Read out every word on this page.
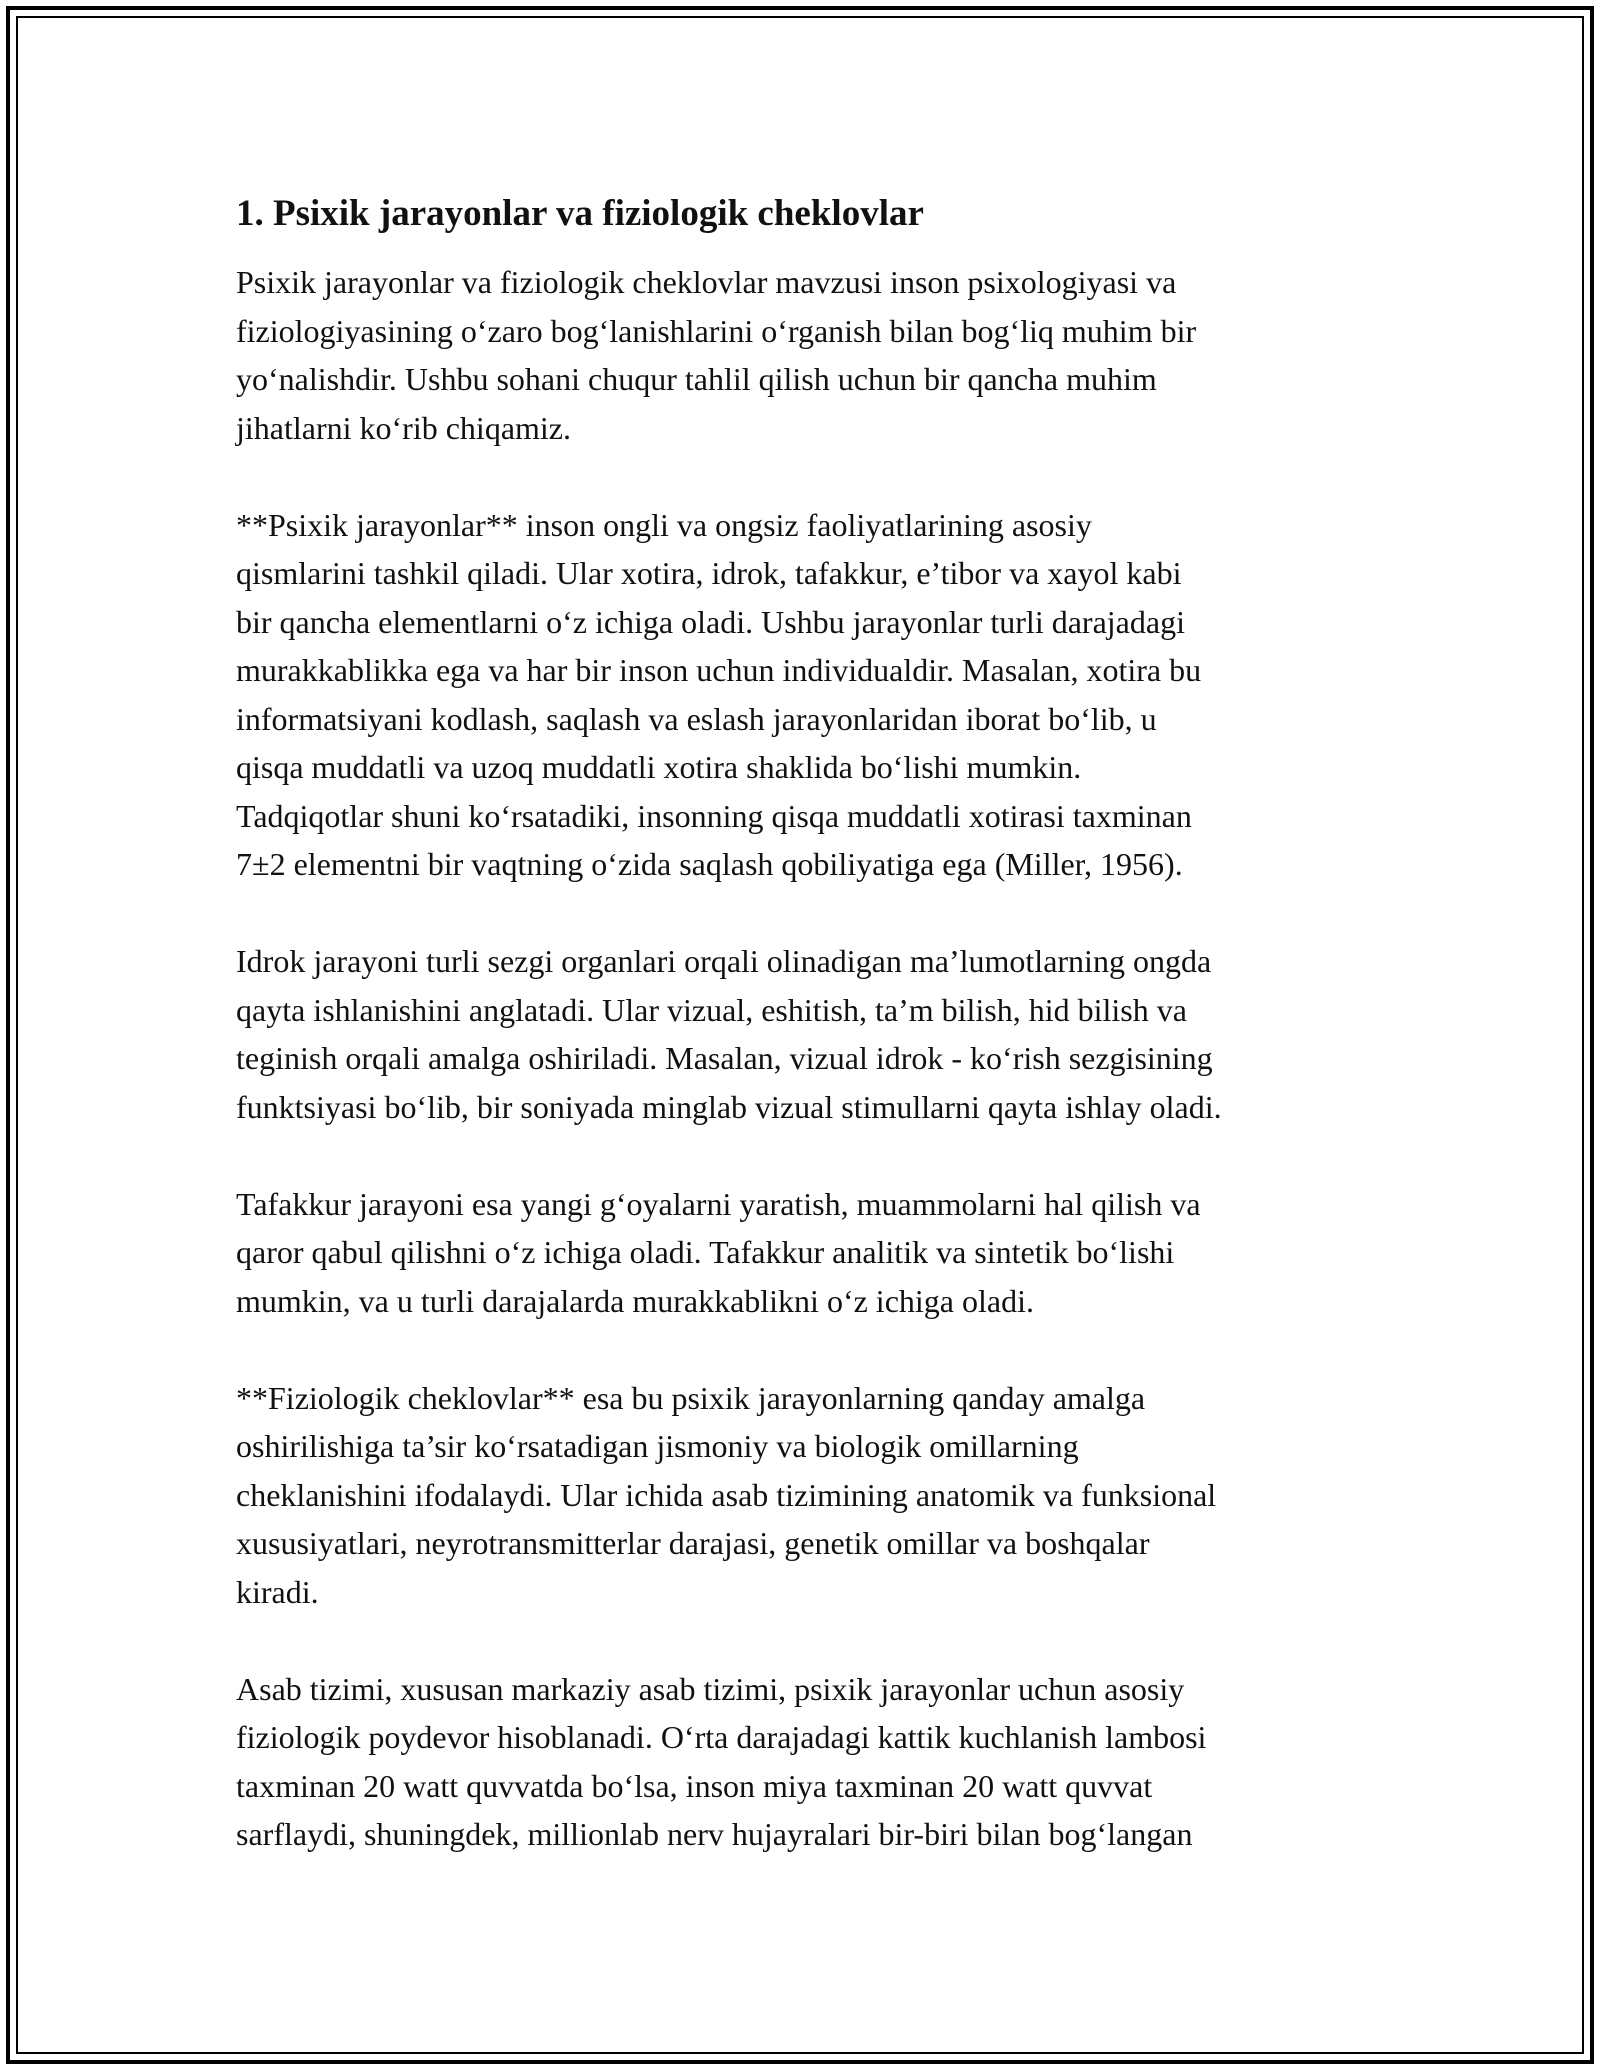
1. Psixik jarayonlar va fiziologik cheklovlar

Psixik jarayonlar va fiziologik cheklovlar mavzusi inson psixologiyasi va
fiziologiyasining o‘zaro bog‘lanishlarini o‘rganish bilan bog‘liq muhim bir
yo‘nalishdir. Ushbu sohani chuqur tahlil qilish uchun bir qancha muhim
jihatlarni ko‘rib chiqamiz.

**Psixik jarayonlar** inson ongli va ongsiz faoliyatlarining asosiy
qismlarini tashkil qiladi. Ular xotira, idrok, tafakkur, e’tibor va xayol kabi
bir qancha elementlarni o‘z ichiga oladi. Ushbu jarayonlar turli darajadagi
murakkablikka ega va har bir inson uchun individualdir. Masalan, xotira bu
informatsiyani kodlash, saqlash va eslash jarayonlaridan iborat bo‘lib, u
qisqa muddatli va uzoq muddatli xotira shaklida bo‘lishi mumkin.
Tadqiqotlar shuni ko‘rsatadiki, insonning qisqa muddatli xotirasi taxminan
7±2 elementni bir vaqtning o‘zida saqlash qobiliyatiga ega (Miller, 1956).

Idrok jarayoni turli sezgi organlari orqali olinadigan ma’lumotlarning ongda
qayta ishlanishini anglatadi. Ular vizual, eshitish, ta’m bilish, hid bilish va
teginish orqali amalga oshiriladi. Masalan, vizual idrok - ko‘rish sezgisining
funktsiyasi bo‘lib, bir soniyada minglab vizual stimullarni qayta ishlay oladi.

Tafakkur jarayoni esa yangi g‘oyalarni yaratish, muammolarni hal qilish va
qaror qabul qilishni o‘z ichiga oladi. Tafakkur analitik va sintetik bo‘lishi
mumkin, va u turli darajalarda murakkablikni o‘z ichiga oladi.

**Fiziologik cheklovlar** esa bu psixik jarayonlarning qanday amalga
oshirilishiga ta’sir ko‘rsatadigan jismoniy va biologik omillarning
cheklanishini ifodalaydi. Ular ichida asab tizimining anatomik va funksional
xususiyatlari, neyrotransmitterlar darajasi, genetik omillar va boshqalar
kiradi.

Asab tizimi, xususan markaziy asab tizimi, psixik jarayonlar uchun asosiy
fiziologik poydevor hisoblanadi. O‘rta darajadagi kattik kuchlanish lambosi
taxminan 20 watt quvvatda bo‘lsa, inson miya taxminan 20 watt quvvat
sarflaydi, shuningdek, millionlab nerv hujayralari bir-biri bilan bog‘langan
